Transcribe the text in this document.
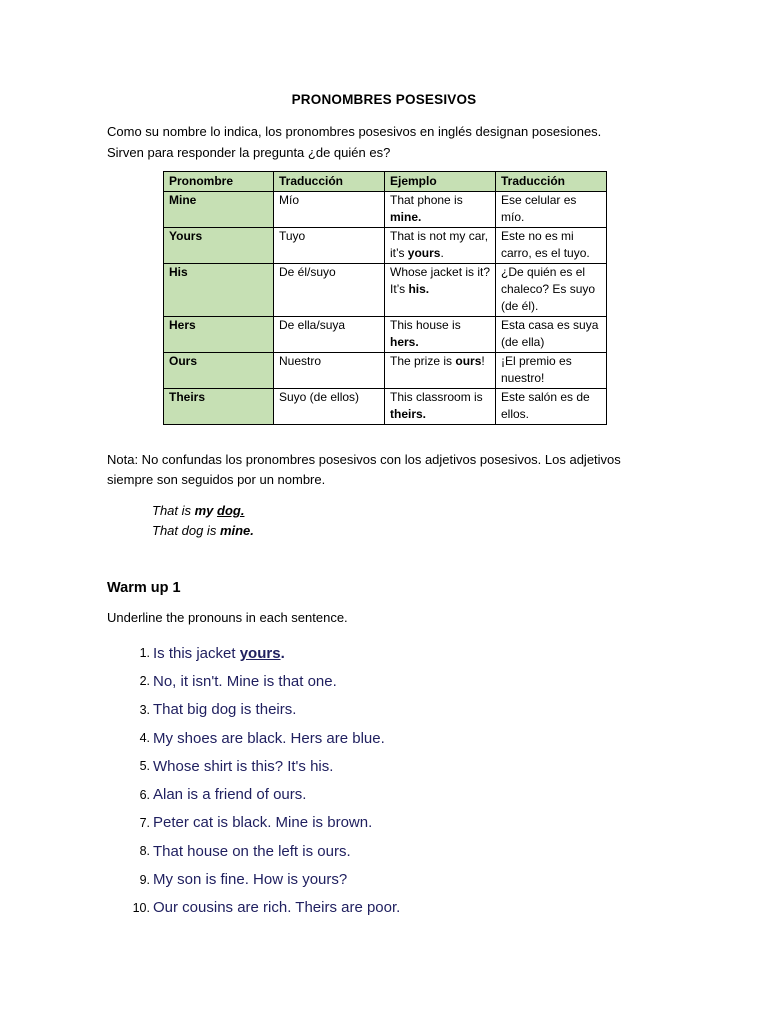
PRONOMBRES POSESIVOS
Como su nombre lo indica, los pronombres posesivos en inglés designan posesiones.
Sirven para responder la pregunta ¿de quién es?
Pronombre	Traducción	Ejemplo	Traducción
Mine	Mío	That phone is mine.	Ese celular es mío.
Yours	Tuyo	That is not my car, it’s yours.	Este no es mi carro, es el tuyo.
His	De él/suyo	Whose jacket is it? It’s his.	¿De quién es el chaleco? Es suyo (de él).
Hers	De ella/suya	This house is hers.	Esta casa es suya (de ella)
Ours	Nuestro	The prize is ours!	¡El premio es nuestro!
Theirs	Suyo (de ellos)	This classroom is theirs.	Este salón es de ellos.
Nota: No confundas los pronombres posesivos con los adjetivos posesivos. Los adjetivos
siempre son seguidos por un nombre.
That is my dog.
That dog is mine.
Warm up 1
Underline the pronouns in each sentence.
1. Is this jacket yours.
2. No, it isn't. Mine is that one.
3. That big dog is theirs.
4. My shoes are black. Hers are blue.
5. Whose shirt is this? It's his.
6. Alan is a friend of ours.
7. Peter cat is black. Mine is brown.
8. That house on the left is ours.
9. My son is fine. How is yours?
10. Our cousins are rich. Theirs are poor.
